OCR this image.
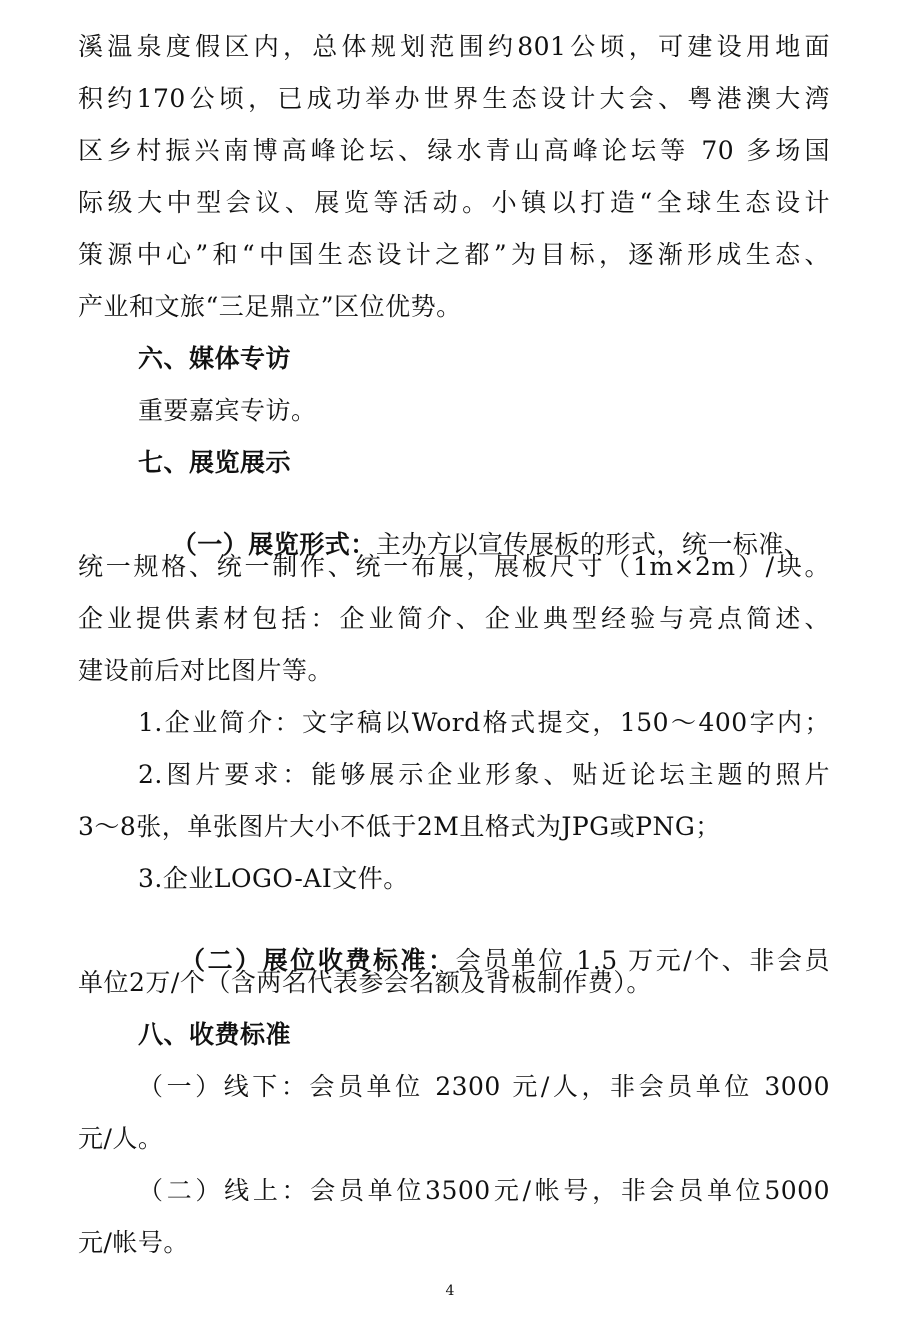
溪温泉度假区内，总体规划范围约801公顷，可建设用地面
积约170公顷，已成功举办世界生态设计大会、粤港澳大湾
区乡村振兴南博高峰论坛、绿水青山高峰论坛等 70 多场国
际级大中型会议、展览等活动。小镇以打造“全球生态设计
策源中心”和“中国生态设计之都”为目标，逐渐形成生态、
产业和文旅“三足鼎立”区位优势。
六、媒体专访
重要嘉宾专访。
七、展览展示

（一）展览形式：主办方以宣传展板的形式，统一标准、

统一规格、统一制作、统一布展，展板尺寸（1m×2m）/块。
企业提供素材包括：企业简介、企业典型经验与亮点简述、
建设前后对比图片等。
1.企业简介：文字稿以Word格式提交，150～400字内；
2.图片要求：能够展示企业形象、贴近论坛主题的照片
3～8张，单张图片大小不低于2M且格式为JPG或PNG；
3.企业LOGO-AI文件。

（二）展位收费标准：会员单位 1.5 万元/个、非会员

单位2万/个（含两名代表参会名额及背板制作费）。
八、收费标准
（一）线下：会员单位 2300 元/人，非会员单位 3000
元/人。
（二）线上：会员单位3500元/帐号，非会员单位5000
元/帐号。
4
